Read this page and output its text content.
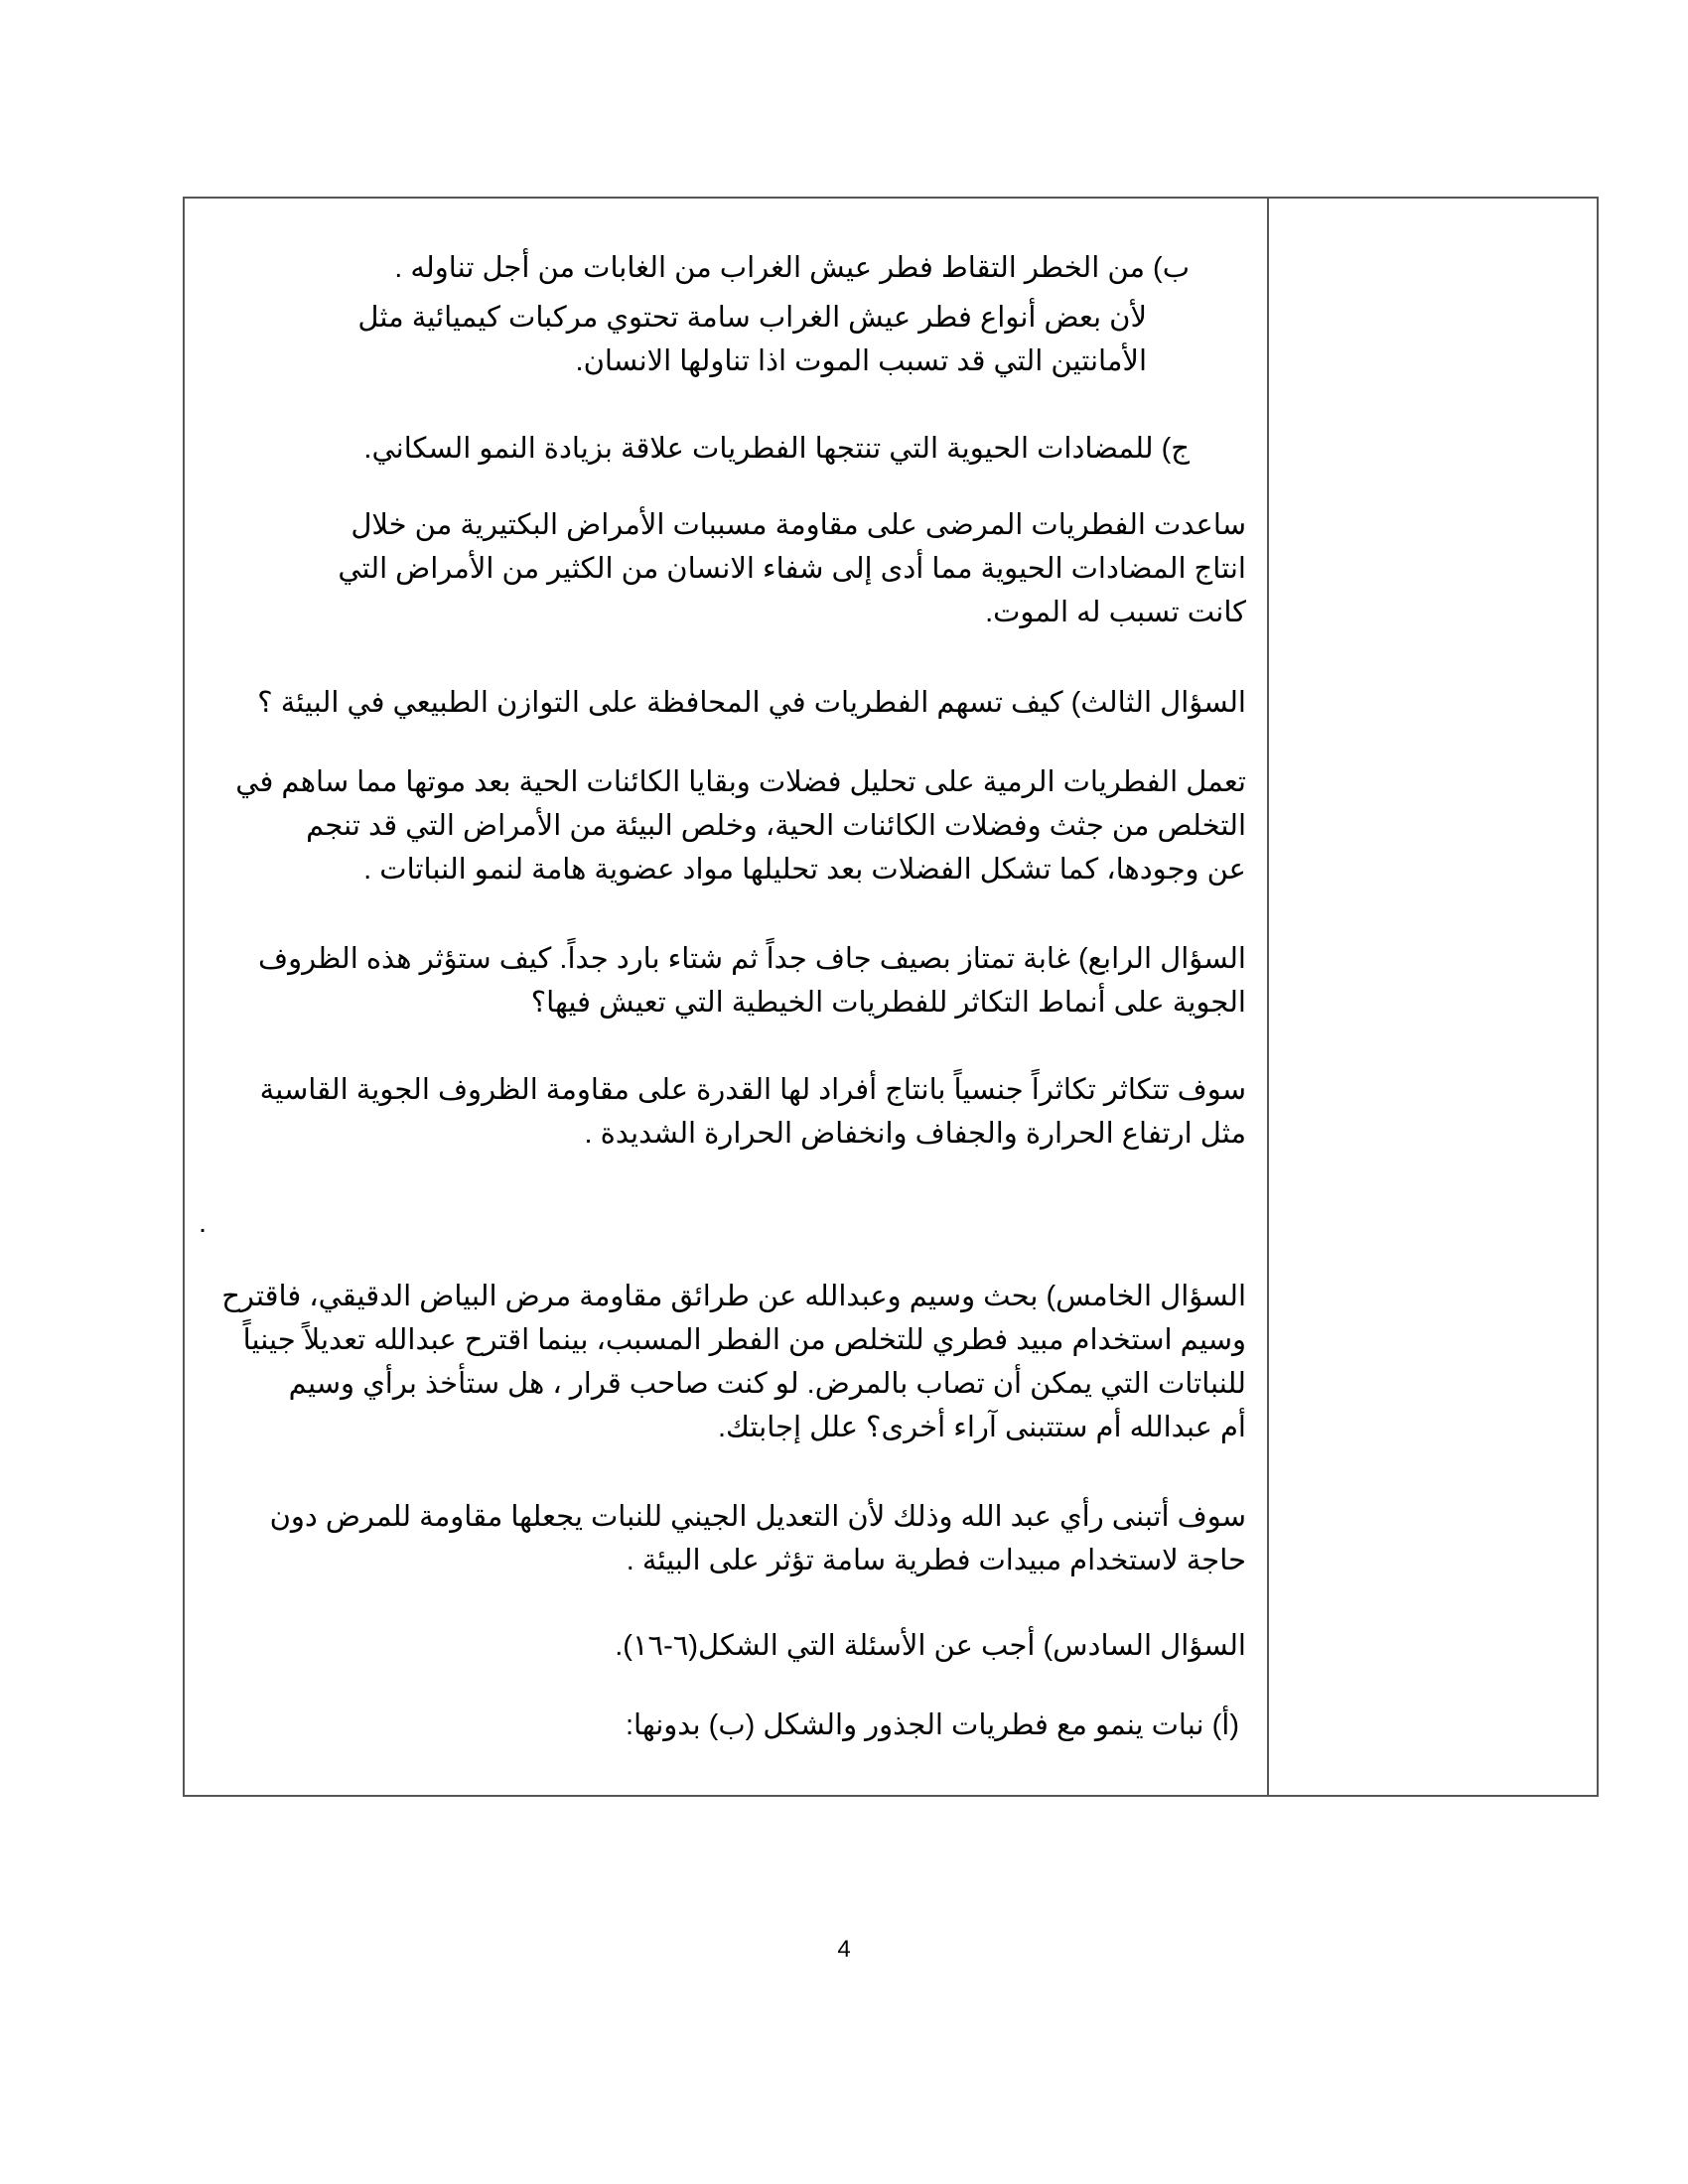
ب) من الخطر التقاط فطر عيش الغراب من الغابات من أجل تناوله .
لأن بعض أنواع فطر عيش الغراب سامة تحتوي مركبات كيميائية مثل
الأمانتين التي قد تسبب الموت اذا تناولها الانسان.
ج) للمضادات الحيوية التي تنتجها الفطريات علاقة بزيادة النمو السكاني.
ساعدت الفطريات المرضى على مقاومة مسببات الأمراض البكتيرية من خلال
انتاج المضادات الحيوية مما أدى إلى شفاء الانسان من الكثير من الأمراض التي
كانت تسبب له الموت.
السؤال الثالث) كيف تسهم الفطريات في المحافظة على التوازن الطبيعي في البيئة ؟
تعمل الفطريات الرمية على تحليل فضلات وبقايا الكائنات الحية بعد موتها مما ساهم في
التخلص من جثث وفضلات الكائنات الحية، وخلص البيئة من الأمراض التي قد تنجم
عن وجودها، كما تشكل الفضلات بعد تحليلها مواد عضوية هامة لنمو النباتات .
السؤال الرابع) غابة تمتاز بصيف جاف جداً ثم شتاء بارد جداً. كيف ستؤثر هذه الظروف
الجوية على أنماط التكاثر للفطريات الخيطية التي تعيش فيها؟
سوف تتكاثر تكاثراً جنسياً بانتاج أفراد لها القدرة على مقاومة الظروف الجوية القاسية
مثل ارتفاع الحرارة والجفاف وانخفاض الحرارة الشديدة .
.
السؤال الخامس) بحث وسيم وعبدالله عن طرائق مقاومة مرض البياض الدقيقي، فاقترح
وسيم استخدام مبيد فطري للتخلص من الفطر المسبب، بينما اقترح عبدالله تعديلاً جينياً
للنباتات التي يمكن أن تصاب بالمرض. لو كنت صاحب قرار ، هل ستأخذ برأي وسيم
أم عبدالله أم ستتبنى آراء أخرى؟ علل إجابتك.
سوف أتبنى رأي عبد الله وذلك لأن التعديل الجيني للنبات يجعلها مقاومة للمرض دون
حاجة لاستخدام مبيدات فطرية سامة تؤثر على البيئة .
السؤال السادس) أجب عن الأسئلة التي الشكل(٦-١٦).
(أ) نبات ينمو مع فطريات الجذور والشكل (ب) بدونها:
4
